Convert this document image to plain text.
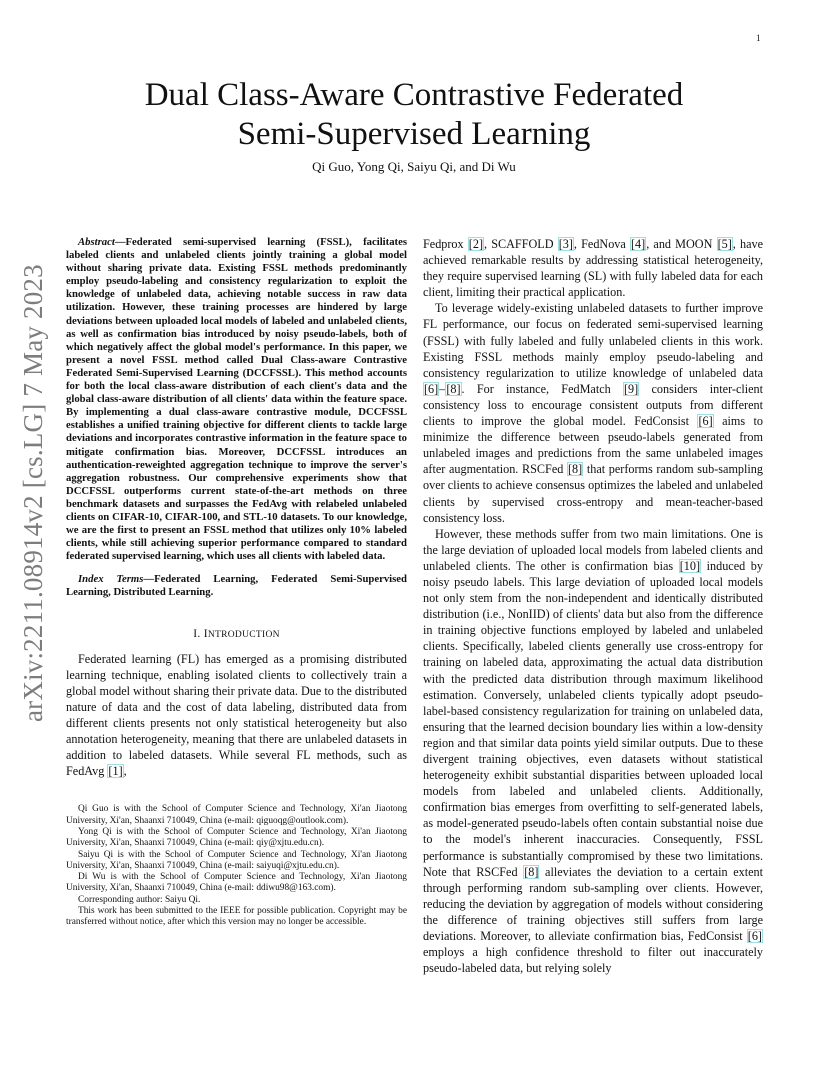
1
arXiv:2211.08914v2 [cs.LG] 7 May 2023
Dual Class-Aware Contrastive Federated
Semi-Supervised Learning
Qi Guo, Yong Qi, Saiyu Qi, and Di Wu

Abstract—Federated semi-supervised learning (FSSL), facilitates labeled clients and unlabeled clients jointly training a global model without sharing private data. Existing FSSL methods predominantly employ pseudo-labeling and consistency regularization to exploit the knowledge of unlabeled data, achieving notable success in raw data utilization. However, these training processes are hindered by large deviations between uploaded local models of labeled and unlabeled clients, as well as confirmation bias introduced by noisy pseudo-labels, both of which negatively affect the global model's performance. In this paper, we present a novel FSSL method called Dual Class-aware Contrastive Federated Semi-Supervised Learning (DCCFSSL). This method accounts for both the local class-aware distribution of each client's data and the global class-aware distribution of all clients' data within the feature space. By implementing a dual class-aware contrastive module, DCCFSSL establishes a unified training objective for different clients to tackle large deviations and incorporates contrastive information in the feature space to mitigate confirmation bias. Moreover, DCCFSSL introduces an authentication-reweighted aggregation technique to improve the server's aggregation robustness. Our comprehensive experiments show that DCCFSSL outperforms current state-of-the-art methods on three benchmark datasets and surpasses the FedAvg with relabeled unlabeled clients on CIFAR-10, CIFAR-100, and STL-10 datasets. To our knowledge, we are the first to present an FSSL method that utilizes only 10% labeled clients, while still achieving superior performance compared to standard federated supervised learning, which uses all clients with labeled data.

Index Terms—Federated Learning, Federated Semi-Supervised Learning, Distributed Learning.

I. INTRODUCTION

Federated learning (FL) has emerged as a promising distributed learning technique, enabling isolated clients to collectively train a global model without sharing their private data. Due to the distributed nature of data and the cost of data labeling, distributed data from different clients presents not only statistical heterogeneity but also annotation heterogeneity, meaning that there are unlabeled datasets in addition to labeled datasets. While several FL methods, such as FedAvg [1],

Qi Guo is with the School of Computer Science and Technology, Xi'an Jiaotong University, Xi'an, Shaanxi 710049, China (e-mail: qiguoqg@outlook.com).

Yong Qi is with the School of Computer Science and Technology, Xi'an Jiaotong University, Xi'an, Shaanxi 710049, China (e-mail: qiy@xjtu.edu.cn).

Saiyu Qi is with the School of Computer Science and Technology, Xi'an Jiaotong University, Xi'an, Shaanxi 710049, China (e-mail: saiyuqi@xjtu.edu.cn).

Di Wu is with the School of Computer Science and Technology, Xi'an Jiaotong University, Xi'an, Shaanxi 710049, China (e-mail: ddiwu98@163.com).

Corresponding author: Saiyu Qi.

This work has been submitted to the IEEE for possible publication. Copyright may be transferred without notice, after which this version may no longer be accessible.

Fedprox [2], SCAFFOLD [3], FedNova [4], and MOON [5], have achieved remarkable results by addressing statistical heterogeneity, they require supervised learning (SL) with fully labeled data for each client, limiting their practical application.

To leverage widely-existing unlabeled datasets to further improve FL performance, our focus on federated semi-supervised learning (FSSL) with fully labeled and fully unlabeled clients in this work. Existing FSSL methods mainly employ pseudo-labeling and consistency regularization to utilize knowledge of unlabeled data [6]–[8]. For instance, FedMatch [9] considers inter-client consistency loss to encourage consistent outputs from different clients to improve the global model. FedConsist [6] aims to minimize the difference between pseudo-labels generated from unlabeled images and predictions from the same unlabeled images after augmentation. RSCFed [8] that performs random sub-sampling over clients to achieve consensus optimizes the labeled and unlabeled clients by supervised cross-entropy and mean-teacher-based consistency loss.

However, these methods suffer from two main limitations. One is the large deviation of uploaded local models from labeled clients and unlabeled clients. The other is confirmation bias [10] induced by noisy pseudo labels. This large deviation of uploaded local models not only stem from the non-independent and identically distributed distribution (i.e., NonIID) of clients' data but also from the difference in training objective functions employed by labeled and unlabeled clients. Specifically, labeled clients generally use cross-entropy for training on labeled data, approximating the actual data distribution with the predicted data distribution through maximum likelihood estimation. Conversely, unlabeled clients typically adopt pseudo-label-based consistency regularization for training on unlabeled data, ensuring that the learned decision boundary lies within a low-density region and that similar data points yield similar outputs. Due to these divergent training objectives, even datasets without statistical heterogeneity exhibit substantial disparities between uploaded local models from labeled and unlabeled clients. Additionally, confirmation bias emerges from overfitting to self-generated labels, as model-generated pseudo-labels often contain substantial noise due to the model's inherent inaccuracies. Consequently, FSSL performance is substantially compromised by these two limitations. Note that RSCFed [8] alleviates the deviation to a certain extent through performing random sub-sampling over clients. However, reducing the deviation by aggregation of models without considering the difference of training objectives still suffers from large deviations. Moreover, to alleviate confirmation bias, FedConsist [6] employs a high confidence threshold to filter out inaccurately pseudo-labeled data, but relying solely
